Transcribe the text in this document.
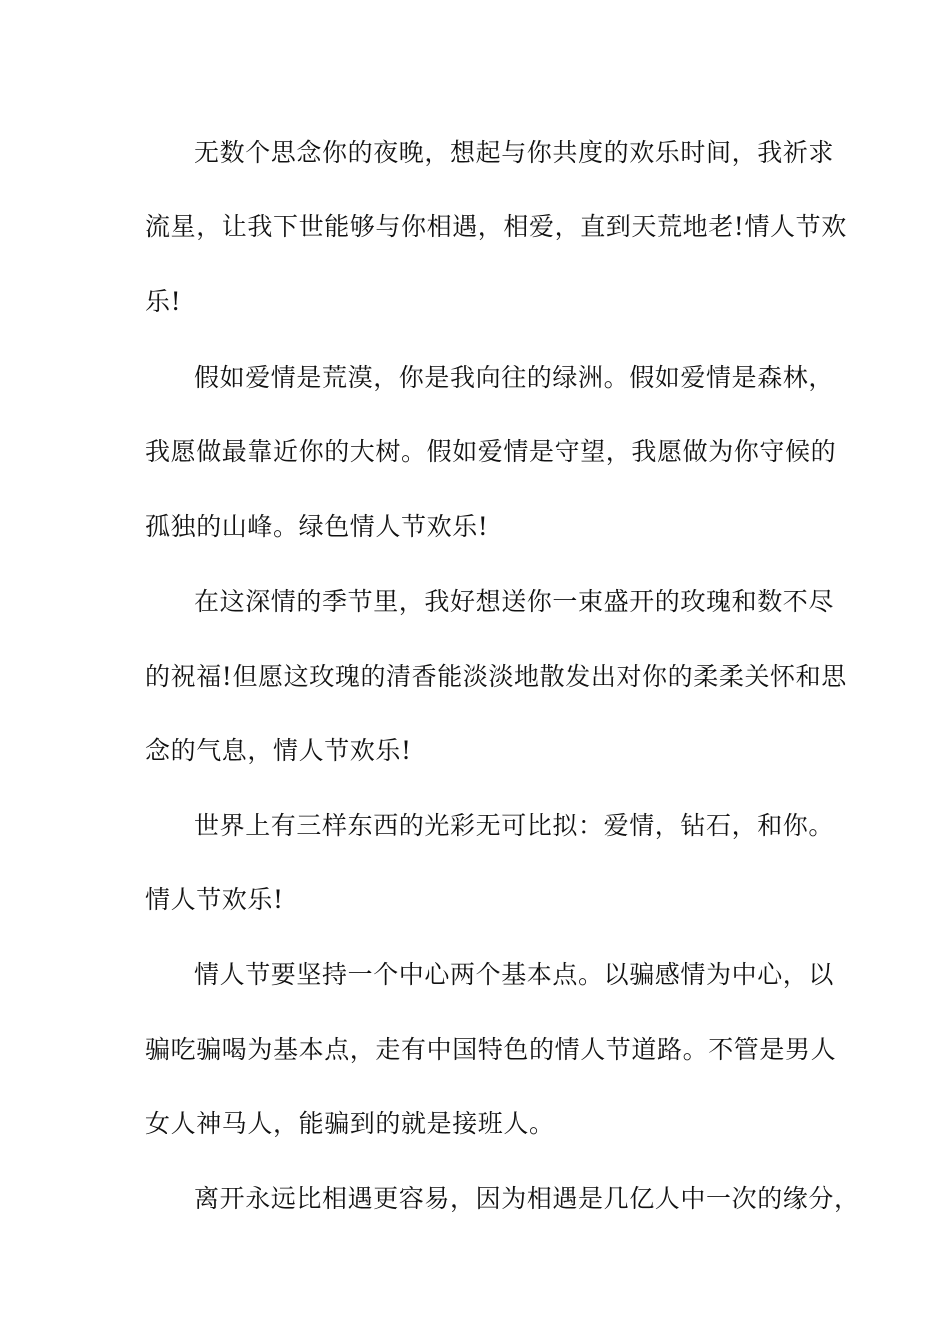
无数个思念你的夜晚，想起与你共度的欢乐时间，我祈求
流星，让我下世能够与你相遇，相爱，直到天荒地老!情人节欢
乐!
假如爱情是荒漠，你是我向往的绿洲。假如爱情是森林，
我愿做最靠近你的大树。假如爱情是守望，我愿做为你守候的
孤独的山峰。绿色情人节欢乐!
在这深情的季节里，我好想送你一束盛开的玫瑰和数不尽
的祝福!但愿这玫瑰的清香能淡淡地散发出对你的柔柔关怀和思
念的气息，情人节欢乐!
世界上有三样东西的光彩无可比拟：爱情，钻石，和你。
情人节欢乐!
情人节要坚持一个中心两个基本点。以骗感情为中心，以
骗吃骗喝为基本点，走有中国特色的情人节道路。不管是男人
女人神马人，能骗到的就是接班人。
离开永远比相遇更容易，因为相遇是几亿人中一次的缘分，
